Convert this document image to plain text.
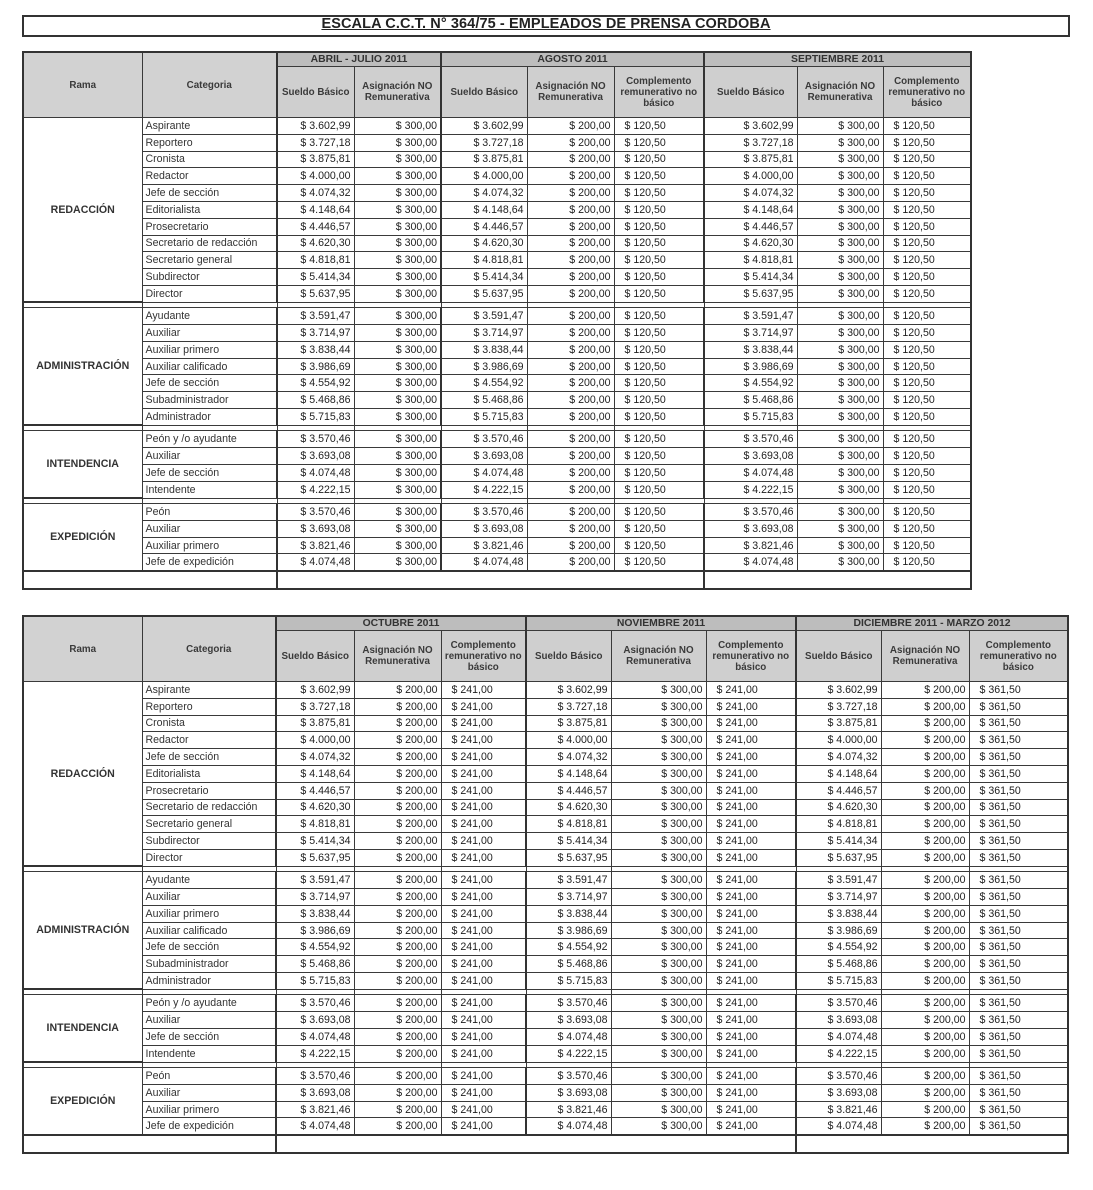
ESCALA C.C.T. N° 364/75 - EMPLEADOS DE PRENSA CORDOBA
Rama	Categoria	ABRIL - JULIO 2011		AGOSTO 2011			SEPTIEMBRE 2011		
		Sueldo Básico	Asignación NO Remunerativa	Sueldo Básico	Asignación NO Remunerativa	Complemento remunerativo no básico	Sueldo Básico	Asignación NO Remunerativa	Complemento remunerativo no básico
REDACCIÓN	Aspirante	$ 3.602,99	$ 300,00	$ 3.602,99	$ 200,00	$ 120,50	$ 3.602,99	$ 300,00	$ 120,50
	Reportero	$ 3.727,18	$ 300,00	$ 3.727,18	$ 200,00	$ 120,50	$ 3.727,18	$ 300,00	$ 120,50
	Cronista	$ 3.875,81	$ 300,00	$ 3.875,81	$ 200,00	$ 120,50	$ 3.875,81	$ 300,00	$ 120,50
	Redactor	$ 4.000,00	$ 300,00	$ 4.000,00	$ 200,00	$ 120,50	$ 4.000,00	$ 300,00	$ 120,50
	Jefe de sección	$ 4.074,32	$ 300,00	$ 4.074,32	$ 200,00	$ 120,50	$ 4.074,32	$ 300,00	$ 120,50
	Editorialista	$ 4.148,64	$ 300,00	$ 4.148,64	$ 200,00	$ 120,50	$ 4.148,64	$ 300,00	$ 120,50
	Prosecretario	$ 4.446,57	$ 300,00	$ 4.446,57	$ 200,00	$ 120,50	$ 4.446,57	$ 300,00	$ 120,50
	Secretario de redacción	$ 4.620,30	$ 300,00	$ 4.620,30	$ 200,00	$ 120,50	$ 4.620,30	$ 300,00	$ 120,50
	Secretario general	$ 4.818,81	$ 300,00	$ 4.818,81	$ 200,00	$ 120,50	$ 4.818,81	$ 300,00	$ 120,50
	Subdirector	$ 5.414,34	$ 300,00	$ 5.414,34	$ 200,00	$ 120,50	$ 5.414,34	$ 300,00	$ 120,50
	Director	$ 5.637,95	$ 300,00	$ 5.637,95	$ 200,00	$ 120,50	$ 5.637,95	$ 300,00	$ 120,50

ADMINISTRACIÓN	Ayudante	$ 3.591,47	$ 300,00	$ 3.591,47	$ 200,00	$ 120,50	$ 3.591,47	$ 300,00	$ 120,50
	Auxiliar	$ 3.714,97	$ 300,00	$ 3.714,97	$ 200,00	$ 120,50	$ 3.714,97	$ 300,00	$ 120,50
	Auxiliar primero	$ 3.838,44	$ 300,00	$ 3.838,44	$ 200,00	$ 120,50	$ 3.838,44	$ 300,00	$ 120,50
	Auxiliar calificado	$ 3.986,69	$ 300,00	$ 3.986,69	$ 200,00	$ 120,50	$ 3.986,69	$ 300,00	$ 120,50
	Jefe de sección	$ 4.554,92	$ 300,00	$ 4.554,92	$ 200,00	$ 120,50	$ 4.554,92	$ 300,00	$ 120,50
	Subadministrador	$ 5.468,86	$ 300,00	$ 5.468,86	$ 200,00	$ 120,50	$ 5.468,86	$ 300,00	$ 120,50
	Administrador	$ 5.715,83	$ 300,00	$ 5.715,83	$ 200,00	$ 120,50	$ 5.715,83	$ 300,00	$ 120,50

INTENDENCIA	Peón y /o ayudante	$ 3.570,46	$ 300,00	$ 3.570,46	$ 200,00	$ 120,50	$ 3.570,46	$ 300,00	$ 120,50
	Auxiliar	$ 3.693,08	$ 300,00	$ 3.693,08	$ 200,00	$ 120,50	$ 3.693,08	$ 300,00	$ 120,50
	Jefe de sección	$ 4.074,48	$ 300,00	$ 4.074,48	$ 200,00	$ 120,50	$ 4.074,48	$ 300,00	$ 120,50
	Intendente	$ 4.222,15	$ 300,00	$ 4.222,15	$ 200,00	$ 120,50	$ 4.222,15	$ 300,00	$ 120,50

EXPEDICIÓN	Peón	$ 3.570,46	$ 300,00	$ 3.570,46	$ 200,00	$ 120,50	$ 3.570,46	$ 300,00	$ 120,50
	Auxiliar	$ 3.693,08	$ 300,00	$ 3.693,08	$ 200,00	$ 120,50	$ 3.693,08	$ 300,00	$ 120,50
	Auxiliar primero	$ 3.821,46	$ 300,00	$ 3.821,46	$ 200,00	$ 120,50	$ 3.821,46	$ 300,00	$ 120,50
	Jefe de expedición	$ 4.074,48	$ 300,00	$ 4.074,48	$ 200,00	$ 120,50	$ 4.074,48	$ 300,00	$ 120,50

Rama	Categoria	OCTUBRE 2011			NOVIEMBRE 2011			DICIEMBRE 2011 - MARZO 2012		
		Sueldo Básico	Asignación NO Remunerativa	Complemento remunerativo no básico	Sueldo Básico	Asignación NO Remunerativa	Complemento remunerativo no básico	Sueldo Básico	Asignación NO Remunerativa	Complemento remunerativo no básico
REDACCIÓN	Aspirante	$ 3.602,99	$ 200,00	$ 241,00	$ 3.602,99	$ 300,00	$ 241,00	$ 3.602,99	$ 200,00	$ 361,50
	Reportero	$ 3.727,18	$ 200,00	$ 241,00	$ 3.727,18	$ 300,00	$ 241,00	$ 3.727,18	$ 200,00	$ 361,50
	Cronista	$ 3.875,81	$ 200,00	$ 241,00	$ 3.875,81	$ 300,00	$ 241,00	$ 3.875,81	$ 200,00	$ 361,50
	Redactor	$ 4.000,00	$ 200,00	$ 241,00	$ 4.000,00	$ 300,00	$ 241,00	$ 4.000,00	$ 200,00	$ 361,50
	Jefe de sección	$ 4.074,32	$ 200,00	$ 241,00	$ 4.074,32	$ 300,00	$ 241,00	$ 4.074,32	$ 200,00	$ 361,50
	Editorialista	$ 4.148,64	$ 200,00	$ 241,00	$ 4.148,64	$ 300,00	$ 241,00	$ 4.148,64	$ 200,00	$ 361,50
	Prosecretario	$ 4.446,57	$ 200,00	$ 241,00	$ 4.446,57	$ 300,00	$ 241,00	$ 4.446,57	$ 200,00	$ 361,50
	Secretario de redacción	$ 4.620,30	$ 200,00	$ 241,00	$ 4.620,30	$ 300,00	$ 241,00	$ 4.620,30	$ 200,00	$ 361,50
	Secretario general	$ 4.818,81	$ 200,00	$ 241,00	$ 4.818,81	$ 300,00	$ 241,00	$ 4.818,81	$ 200,00	$ 361,50
	Subdirector	$ 5.414,34	$ 200,00	$ 241,00	$ 5.414,34	$ 300,00	$ 241,00	$ 5.414,34	$ 200,00	$ 361,50
	Director	$ 5.637,95	$ 200,00	$ 241,00	$ 5.637,95	$ 300,00	$ 241,00	$ 5.637,95	$ 200,00	$ 361,50

ADMINISTRACIÓN	Ayudante	$ 3.591,47	$ 200,00	$ 241,00	$ 3.591,47	$ 300,00	$ 241,00	$ 3.591,47	$ 200,00	$ 361,50
	Auxiliar	$ 3.714,97	$ 200,00	$ 241,00	$ 3.714,97	$ 300,00	$ 241,00	$ 3.714,97	$ 200,00	$ 361,50
	Auxiliar primero	$ 3.838,44	$ 200,00	$ 241,00	$ 3.838,44	$ 300,00	$ 241,00	$ 3.838,44	$ 200,00	$ 361,50
	Auxiliar calificado	$ 3.986,69	$ 200,00	$ 241,00	$ 3.986,69	$ 300,00	$ 241,00	$ 3.986,69	$ 200,00	$ 361,50
	Jefe de sección	$ 4.554,92	$ 200,00	$ 241,00	$ 4.554,92	$ 300,00	$ 241,00	$ 4.554,92	$ 200,00	$ 361,50
	Subadministrador	$ 5.468,86	$ 200,00	$ 241,00	$ 5.468,86	$ 300,00	$ 241,00	$ 5.468,86	$ 200,00	$ 361,50
	Administrador	$ 5.715,83	$ 200,00	$ 241,00	$ 5.715,83	$ 300,00	$ 241,00	$ 5.715,83	$ 200,00	$ 361,50

INTENDENCIA	Peón y /o ayudante	$ 3.570,46	$ 200,00	$ 241,00	$ 3.570,46	$ 300,00	$ 241,00	$ 3.570,46	$ 200,00	$ 361,50
	Auxiliar	$ 3.693,08	$ 200,00	$ 241,00	$ 3.693,08	$ 300,00	$ 241,00	$ 3.693,08	$ 200,00	$ 361,50
	Jefe de sección	$ 4.074,48	$ 200,00	$ 241,00	$ 4.074,48	$ 300,00	$ 241,00	$ 4.074,48	$ 200,00	$ 361,50
	Intendente	$ 4.222,15	$ 200,00	$ 241,00	$ 4.222,15	$ 300,00	$ 241,00	$ 4.222,15	$ 200,00	$ 361,50

EXPEDICIÓN	Peón	$ 3.570,46	$ 200,00	$ 241,00	$ 3.570,46	$ 300,00	$ 241,00	$ 3.570,46	$ 200,00	$ 361,50
	Auxiliar	$ 3.693,08	$ 200,00	$ 241,00	$ 3.693,08	$ 300,00	$ 241,00	$ 3.693,08	$ 200,00	$ 361,50
	Auxiliar primero	$ 3.821,46	$ 200,00	$ 241,00	$ 3.821,46	$ 300,00	$ 241,00	$ 3.821,46	$ 200,00	$ 361,50
	Jefe de expedición	$ 4.074,48	$ 200,00	$ 241,00	$ 4.074,48	$ 300,00	$ 241,00	$ 4.074,48	$ 200,00	$ 361,50
